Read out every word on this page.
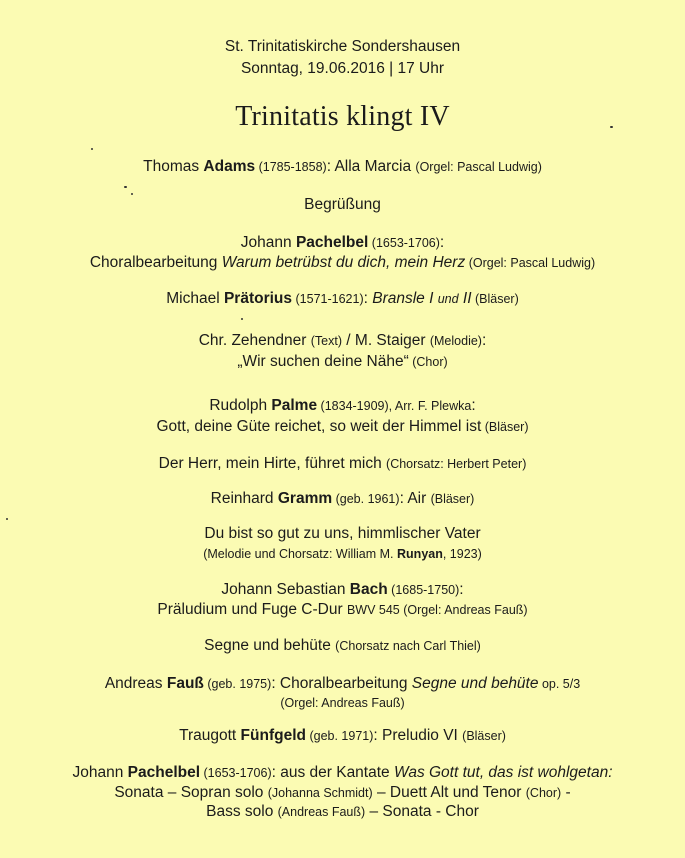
St. Trinitatiskirche Sondershausen
Sonntag, 19.06.2016 | 17 Uhr
Trinitatis klingt IV
Thomas Adams (1785-1858): Alla Marcia (Orgel: Pascal Ludwig)
Begrüßung
Johann Pachelbel (1653-1706):
Choralbearbeitung Warum betrübst du dich, mein Herz (Orgel: Pascal Ludwig)
Michael Prätorius (1571-1621): Bransle I und II (Bläser)
Chr. Zehendner (Text) / M. Staiger (Melodie):
„Wir suchen deine Nähe“ (Chor)
Rudolph Palme (1834-1909), Arr. F. Plewka:
Gott, deine Güte reichet, so weit der Himmel ist (Bläser)
Der Herr, mein Hirte, führet mich (Chorsatz: Herbert Peter)
Reinhard Gramm (geb. 1961): Air (Bläser)
Du bist so gut zu uns, himmlischer Vater
(Melodie und Chorsatz: William M. Runyan, 1923)
Johann Sebastian Bach (1685-1750):
Präludium und Fuge C-Dur BWV 545 (Orgel: Andreas Fauß)
Segne und behüte (Chorsatz nach Carl Thiel)
Andreas Fauß (geb. 1975): Choralbearbeitung Segne und behüte op. 5/3
(Orgel: Andreas Fauß)
Traugott Fünfgeld (geb. 1971): Preludio VI (Bläser)
Johann Pachelbel (1653-1706): aus der Kantate Was Gott tut, das ist wohlgetan:
Sonata – Sopran solo (Johanna Schmidt) – Duett Alt und Tenor (Chor) -
Bass solo (Andreas Fauß) – Sonata - Chor
